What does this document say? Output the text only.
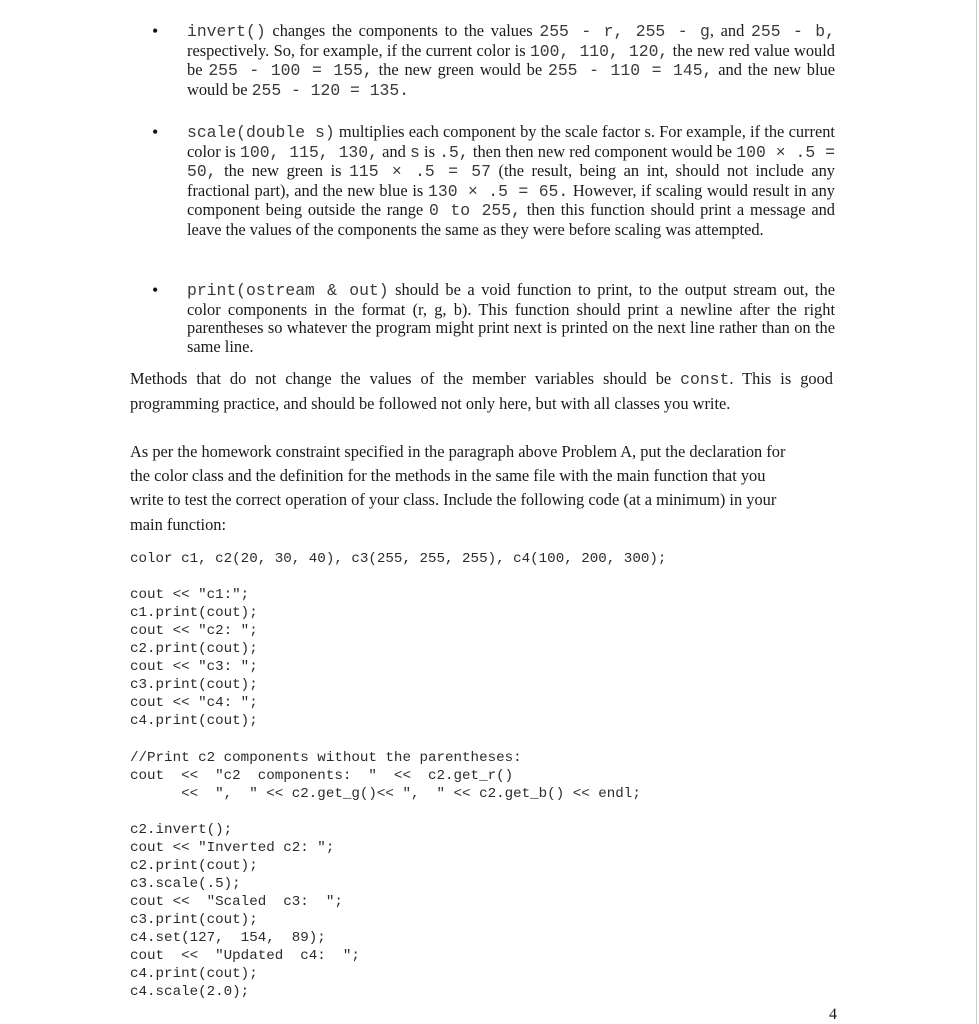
• invert() changes the components to the values 255 - r, 255 - g, and 255 - b, respectively. So, for example, if the current color is 100, 110, 120, the new red value would be 255 - 100 = 155, the new green would be 255 - 110 = 145, and the new blue would be 255 - 120 = 135.
• scale(double s) multiplies each component by the scale factor s. For example, if the current color is 100, 115, 130, and s is .5, then then new red component would be 100 × .5 = 50, the new green is 115 × .5 = 57 (the result, being an int, should not include any fractional part), and the new blue is 130 × .5 = 65. However, if scaling would result in any component being outside the range 0 to 255, then this function should print a message and leave the values of the components the same as they were before scaling was attempted.
• print(ostream & out) should be a void function to print, to the output stream out, the color components in the format (r, g, b). This function should print a newline after the right parentheses so whatever the program might print next is printed on the next line rather than on the same line.
Methods that do not change the values of the member variables should be const. This is good programming practice, and should be followed not only here, but with all classes you write.
As per the homework constraint specified in the paragraph above Problem A, put the declaration for the color class and the definition for the methods in the same file with the main function that you write to test the correct operation of your class. Include the following code (at a minimum) in your main function:
color c1, c2(20, 30, 40), c3(255, 255, 255), c4(100, 200, 300);
cout << "c1:";
c1.print(cout);
cout << "c2: ";
c2.print(cout);
cout << "c3: ";
c3.print(cout);
cout << "c4: ";
c4.print(cout);
//Print c2 components without the parentheses:
cout  <<  "c2  components:  "  <<  c2.get_r()
<<  ",  " << c2.get_g()<< ",  " << c2.get_b() << endl;
c2.invert();
cout << "Inverted c2: ";
c2.print(cout);
c3.scale(.5);
cout <<  "Scaled  c3:  ";
c3.print(cout);
c4.set(127,  154,  89);
cout  <<  "Updated  c4:  ";
c4.print(cout);
c4.scale(2.0);
4
